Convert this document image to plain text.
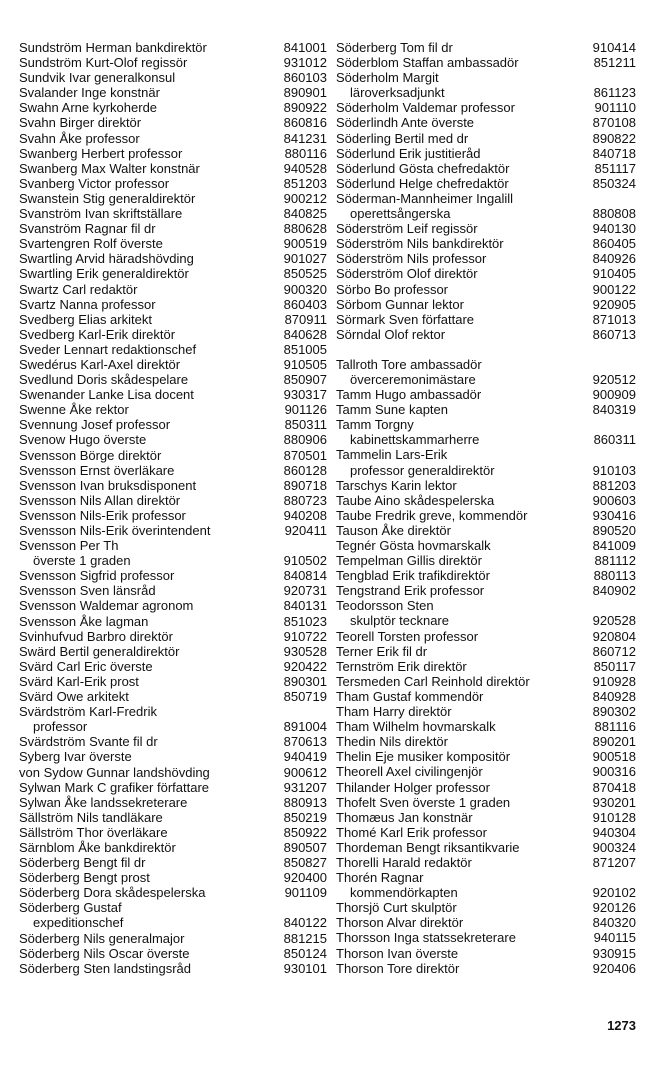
Sundström Herman bankdirektör	841001
Sundström Kurt-Olof regissör	931012
Sundvik Ivar generalkonsul	860103
Svalander Inge konstnär	890901
Swahn Arne kyrkoherde	890922
Svahn Birger direktör	860816
Svahn Åke professor	841231
Swanberg Herbert professor	880116
Swanberg Max Walter konstnär	940528
Svanberg Victor professor	851203
Swanstein Stig generaldirektör	900212
Svanström Ivan skriftställare	840825
Svanström Ragnar fil dr	880628
Svartengren Rolf överste	900519
Swartling Arvid häradshövding	901027
Swartling Erik generaldirektör	850525
Swartz Carl redaktör	900320
Svartz Nanna professor	860403
Svedberg Elias arkitekt	870911
Svedberg Karl-Erik direktör	840628
Sveder Lennart redaktionschef	851005
Swedérus Karl-Axel direktör	910505
Svedlund Doris skådespelare	850907
Swenander Lanke Lisa docent	930317
Swenne Åke rektor	901126
Svennung Josef professor	850311
Svenow Hugo överste	880906
Svensson Börge direktör	870501
Svensson Ernst överläkare	860128
Svensson Ivan bruksdisponent	890718
Svensson Nils Allan direktör	880723
Svensson Nils-Erik professor	940208
Svensson Nils-Erik överintendent	920411
Svensson Per Th
överste 1 graden	910502
Svensson Sigfrid professor	840814
Svensson Sven länsråd	920731
Svensson Waldemar agronom	840131
Svensson Åke lagman	851023
Svinhufvud Barbro direktör	910722
Swärd Bertil generaldirektör	930528
Svärd Carl Eric överste	920422
Svärd Karl-Erik prost	890301
Svärd Owe arkitekt	850719
Svärdström Karl-Fredrik
professor	891004
Svärdström Svante fil dr	870613
Syberg Ivar överste	940419
von Sydow Gunnar landshövding	900612
Sylwan Mark C grafiker författare	931207
Sylwan Åke landssekreterare	880913
Sällström Nils tandläkare	850219
Sällström Thor överläkare	850922
Särnblom Åke bankdirektör	890507
Söderberg Bengt fil dr	850827
Söderberg Bengt prost	920400
Söderberg Dora skådespelerska	901109
Söderberg Gustaf
expeditionschef	840122
Söderberg Nils generalmajor	881215
Söderberg Nils Oscar överste	850124
Söderberg Sten landstingsråd	930101
Söderberg Tom fil dr	910414
Söderblom Staffan ambassadör	851211
Söderholm Margit
läroverksadjunkt	861123
Söderholm Valdemar professor	901110
Söderlindh Ante överste	870108
Söderling Bertil med dr	890822
Söderlund Erik justitieråd	840718
Söderlund Gösta chefredaktör	851117
Söderlund Helge chefredaktör	850324
Söderman-Mannheimer Ingalill
operettsångerska	880808
Söderström Leif regissör	940130
Söderström Nils bankdirektör	860405
Söderström Nils professor	840926
Söderström Olof direktör	910405
Sörbo Bo professor	900122
Sörbom Gunnar lektor	920905
Sörmark Sven författare	871013
Sörndal Olof rektor	860713
Tallroth Tore ambassadör
överceremonimästare	920512
Tamm Hugo ambassadör	900909
Tamm Sune kapten	840319
Tamm Torgny
kabinettskammarherre	860311
Tammelin Lars-Erik
professor generaldirektör	910103
Tarschys Karin lektor	881203
Taube Aino skådespelerska	900603
Taube Fredrik greve, kommendör	930416
Tauson Åke direktör	890520
Tegnér Gösta hovmarskalk	841009
Tempelman Gillis direktör	881112
Tengblad Erik trafikdirektör	880113
Tengstrand Erik professor	840902
Teodorsson Sten
skulptör tecknare	920528
Teorell Torsten professor	920804
Terner Erik fil dr	860712
Ternström Erik direktör	850117
Tersmeden Carl Reinhold direktör	910928
Tham Gustaf kommendör	840928
Tham Harry direktör	890302
Tham Wilhelm hovmarskalk	881116
Thedin Nils direktör	890201
Thelin Eje musiker kompositör	900518
Theorell Axel civilingenjör	900316
Thilander Holger professor	870418
Thofelt Sven överste 1 graden	930201
Thomæus Jan konstnär	910128
Thomé Karl Erik professor	940304
Thordeman Bengt riksantikvarie	900324
Thorelli Harald redaktör	871207
Thorén Ragnar
kommendörkapten	920102
Thorsjö Curt skulptör	920126
Thorson Alvar direktör	840320
Thorsson Inga statssekreterare	940115
Thorson Ivan överste	930915
Thorson Tore direktör	920406
1273
